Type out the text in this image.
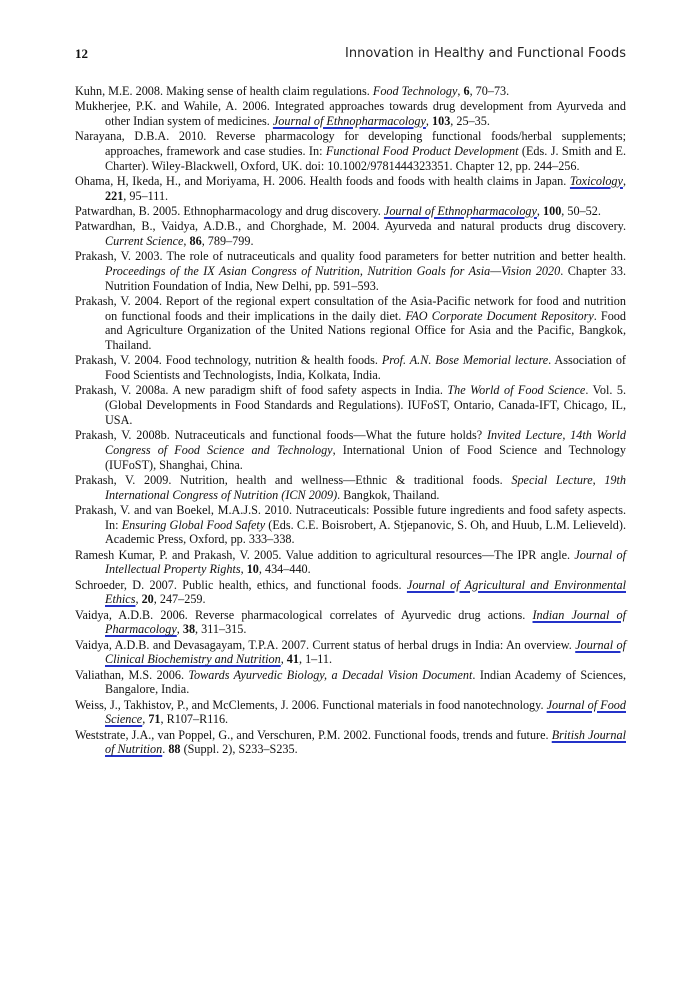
12	Innovation in Healthy and Functional Foods
Kuhn, M.E. 2008. Making sense of health claim regulations. Food Technology, 6, 70–73.
Mukherjee, P.K. and Wahile, A. 2006. Integrated approaches towards drug development from Ayurveda and other Indian system of medicines. Journal of Ethnopharmacology, 103, 25–35.
Narayana, D.B.A. 2010. Reverse pharmacology for developing functional foods/herbal supplements; approaches, framework and case studies. In: Functional Food Product Development (Eds. J. Smith and E. Charter). Wiley-Blackwell, Oxford, UK. doi: 10.1002/9781444323351. Chapter 12, pp. 244–256.
Ohama, H, Ikeda, H., and Moriyama, H. 2006. Health foods and foods with health claims in Japan. Toxicology, 221, 95–111.
Patwardhan, B. 2005. Ethnopharmacology and drug discovery. Journal of Ethnopharmacology, 100, 50–52.
Patwardhan, B., Vaidya, A.D.B., and Chorghade, M. 2004. Ayurveda and natural products drug discovery. Current Science, 86, 789–799.
Prakash, V. 2003. The role of nutraceuticals and quality food parameters for better nutrition and better health. Proceedings of the IX Asian Congress of Nutrition, Nutrition Goals for Asia—Vision 2020. Chapter 33. Nutrition Foundation of India, New Delhi, pp. 591–593.
Prakash, V. 2004. Report of the regional expert consultation of the Asia-Pacific network for food and nutrition on functional foods and their implications in the daily diet. FAO Corporate Document Repository. Food and Agriculture Organization of the United Nations regional Office for Asia and the Pacific, Bangkok, Thailand.
Prakash, V. 2004. Food technology, nutrition & health foods. Prof. A.N. Bose Memorial lecture. Association of Food Scientists and Technologists, India, Kolkata, India.
Prakash, V. 2008a. A new paradigm shift of food safety aspects in India. The World of Food Science. Vol. 5. (Global Developments in Food Standards and Regulations). IUFoST, Ontario, Canada-IFT, Chicago, IL, USA.
Prakash, V. 2008b. Nutraceuticals and functional foods—What the future holds? Invited Lecture, 14th World Congress of Food Science and Technology, International Union of Food Science and Technology (IUFoST), Shanghai, China.
Prakash, V. 2009. Nutrition, health and wellness—Ethnic & traditional foods. Special Lecture, 19th International Congress of Nutrition (ICN 2009). Bangkok, Thailand.
Prakash, V. and van Boekel, M.A.J.S. 2010. Nutraceuticals: Possible future ingredients and food safety aspects. In: Ensuring Global Food Safety (Eds. C.E. Boisrobert, A. Stjepanovic, S. Oh, and Huub, L.M. Lelieveld). Academic Press, Oxford, pp. 333–338.
Ramesh Kumar, P. and Prakash, V. 2005. Value addition to agricultural resources—The IPR angle. Journal of Intellectual Property Rights, 10, 434–440.
Schroeder, D. 2007. Public health, ethics, and functional foods. Journal of Agricultural and Environmental Ethics, 20, 247–259.
Vaidya, A.D.B. 2006. Reverse pharmacological correlates of Ayurvedic drug actions. Indian Journal of Pharmacology, 38, 311–315.
Vaidya, A.D.B. and Devasagayam, T.P.A. 2007. Current status of herbal drugs in India: An overview. Journal of Clinical Biochemistry and Nutrition, 41, 1–11.
Valiathan, M.S. 2006. Towards Ayurvedic Biology, a Decadal Vision Document. Indian Academy of Sciences, Bangalore, India.
Weiss, J., Takhistov, P., and McClements, J. 2006. Functional materials in food nanotechnology. Journal of Food Science, 71, R107–R116.
Weststrate, J.A., van Poppel, G., and Verschuren, P.M. 2002. Functional foods, trends and future. British Journal of Nutrition. 88 (Suppl. 2), S233–S235.
